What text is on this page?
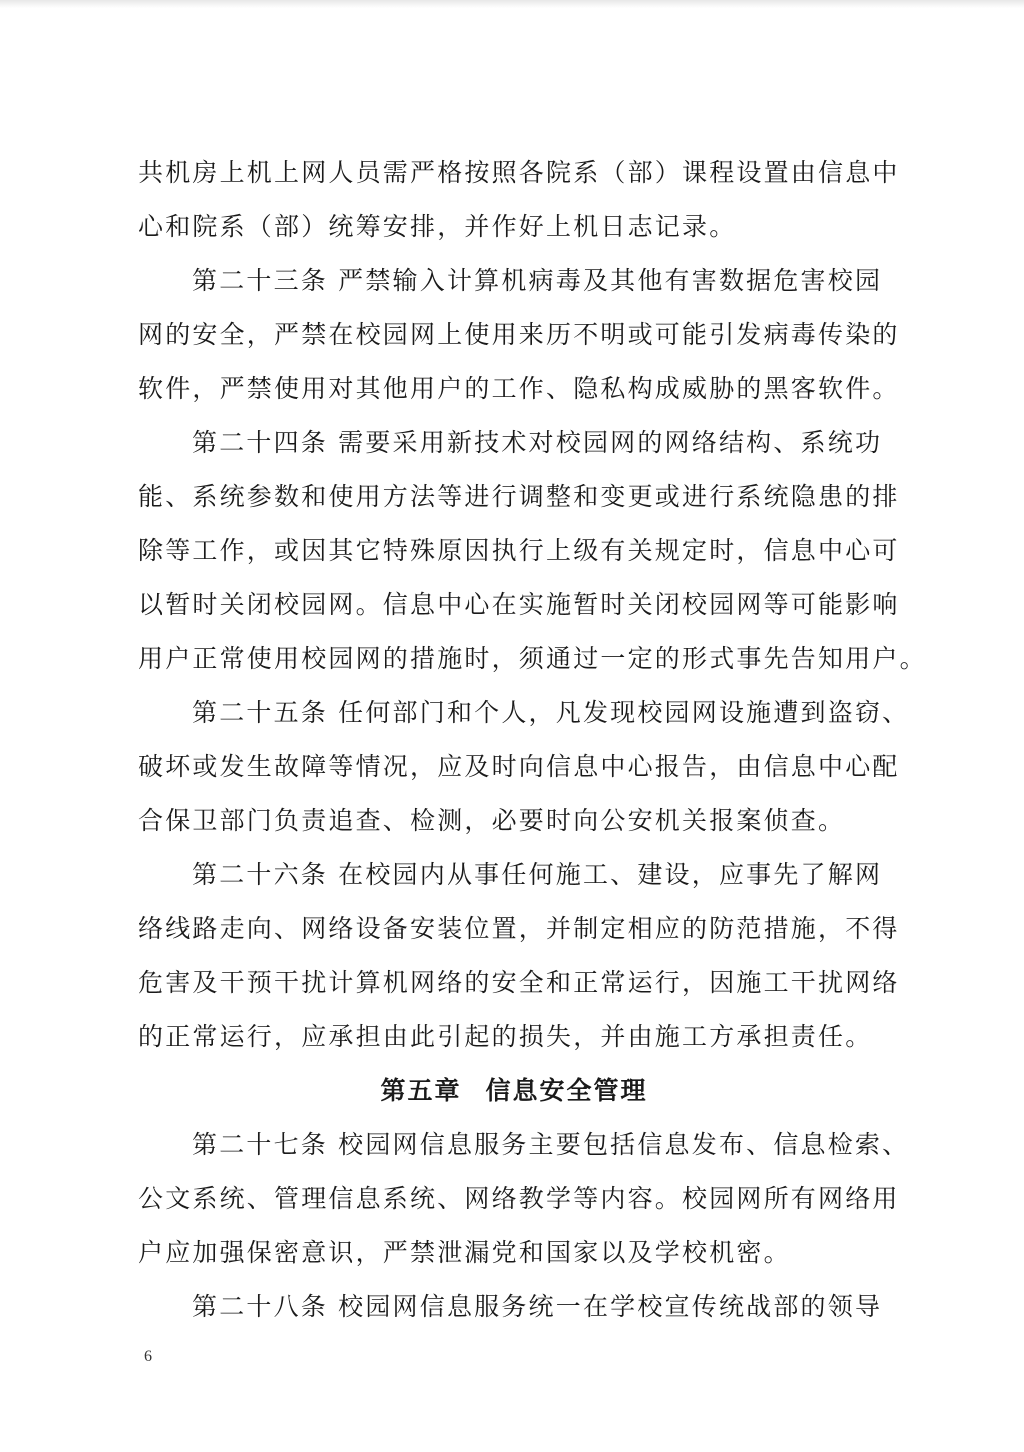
共机房上机上网人员需严格按照各院系（部）课程设置由信息中
心和院系（部）统筹安排，并作好上机日志记录。

第二十三条 严禁输入计算机病毒及其他有害数据危害校园
网的安全，严禁在校园网上使用来历不明或可能引发病毒传染的
软件，严禁使用对其他用户的工作、隐私构成威胁的黑客软件。

第二十四条 需要采用新技术对校园网的网络结构、系统功
能、系统参数和使用方法等进行调整和变更或进行系统隐患的排
除等工作，或因其它特殊原因执行上级有关规定时，信息中心可
以暂时关闭校园网。信息中心在实施暂时关闭校园网等可能影响
用户正常使用校园网的措施时，须通过一定的形式事先告知用户。

第二十五条 任何部门和个人，凡发现校园网设施遭到盗窃、
破坏或发生故障等情况，应及时向信息中心报告，由信息中心配
合保卫部门负责追查、检测，必要时向公安机关报案侦查。

第二十六条 在校园内从事任何施工、建设，应事先了解网
络线路走向、网络设备安装位置，并制定相应的防范措施，不得
危害及干预干扰计算机网络的安全和正常运行，因施工干扰网络
的正常运行，应承担由此引起的损失，并由施工方承担责任。

第五章 信息安全管理

第二十七条 校园网信息服务主要包括信息发布、信息检索、
公文系统、管理信息系统、网络教学等内容。校园网所有网络用
户应加强保密意识，严禁泄漏党和国家以及学校机密。

第二十八条 校园网信息服务统一在学校宣传统战部的领导

6
